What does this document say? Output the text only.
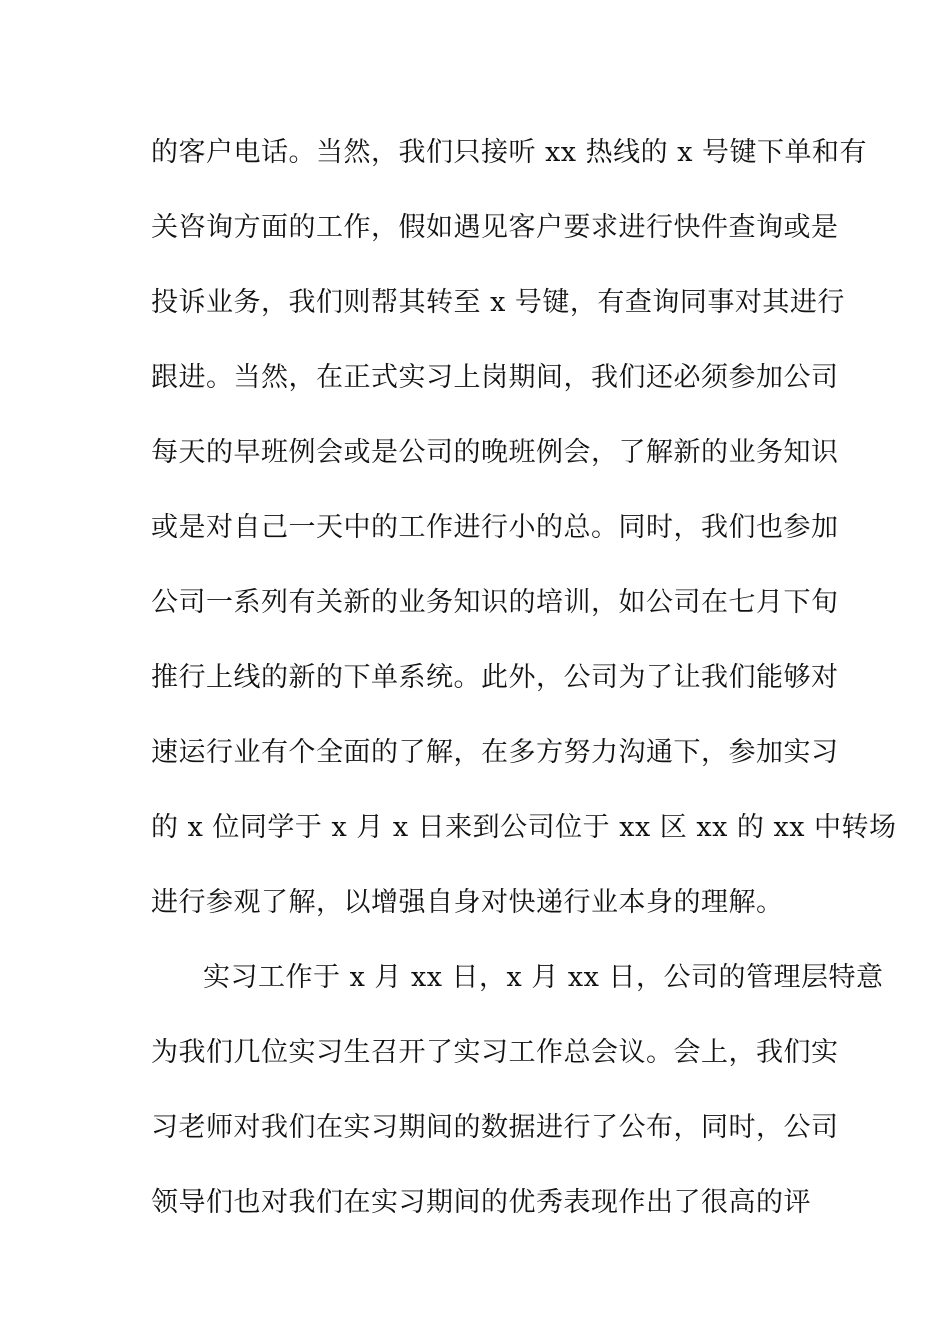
的客户电话。当然，我们只接听 xx 热线的 x 号键下单和有
关咨询方面的工作，假如遇见客户要求进行快件查询或是
投诉业务，我们则帮其转至 x 号键，有查询同事对其进行
跟进。当然，在正式实习上岗期间，我们还必须参加公司
每天的早班例会或是公司的晚班例会，了解新的业务知识
或是对自己一天中的工作进行小的总。同时，我们也参加
公司一系列有关新的业务知识的培训，如公司在七月下旬
推行上线的新的下单系统。此外，公司为了让我们能够对
速运行业有个全面的了解，在多方努力沟通下，参加实习
的 x 位同学于 x 月 x 日来到公司位于 xx 区 xx 的 xx 中转场
进行参观了解，以增强自身对快递行业本身的理解。
实习工作于 x 月 xx 日，x 月 xx 日，公司的管理层特意
为我们几位实习生召开了实习工作总会议。会上，我们实
习老师对我们在实习期间的数据进行了公布，同时，公司
领导们也对我们在实习期间的优秀表现作出了很高的评
